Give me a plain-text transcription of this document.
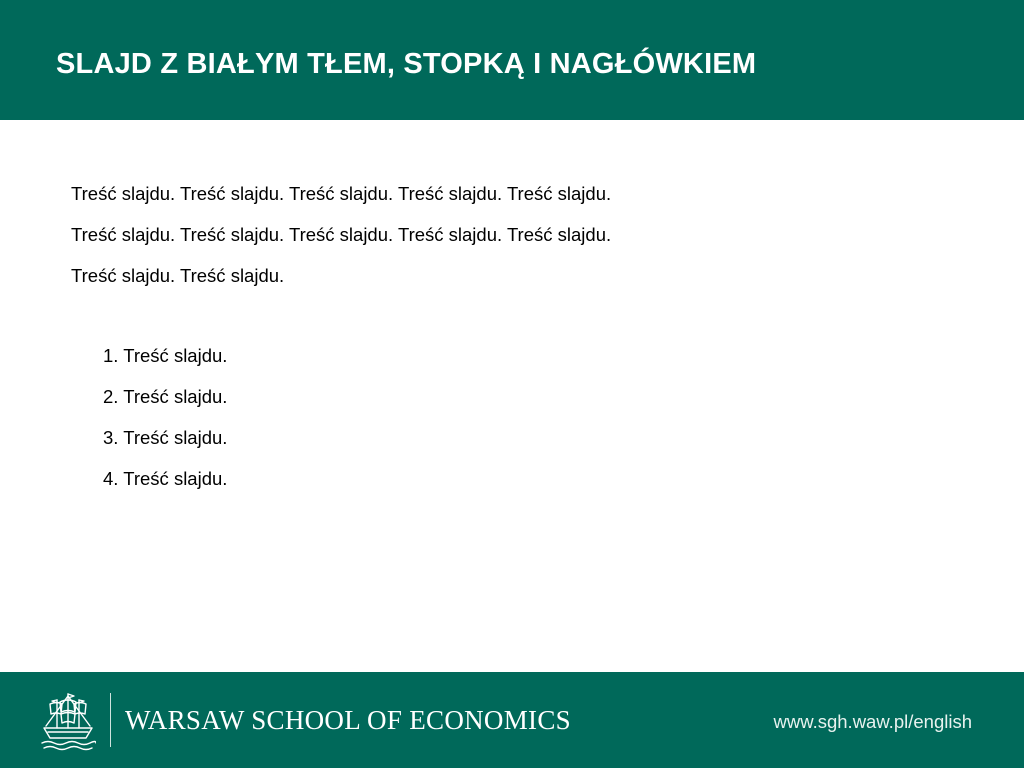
SLAJD Z BIAŁYM TŁEM, STOPKĄ I NAGŁÓWKIEM
Treść slajdu. Treść slajdu. Treść slajdu. Treść slajdu. Treść slajdu.
Treść slajdu. Treść slajdu. Treść slajdu. Treść slajdu. Treść slajdu.
Treść slajdu. Treść slajdu.
1. Treść slajdu.
2. Treść slajdu.
3. Treść slajdu.
4. Treść slajdu.
WARSAW SCHOOL OF ECONOMICS	www.sgh.waw.pl/english
